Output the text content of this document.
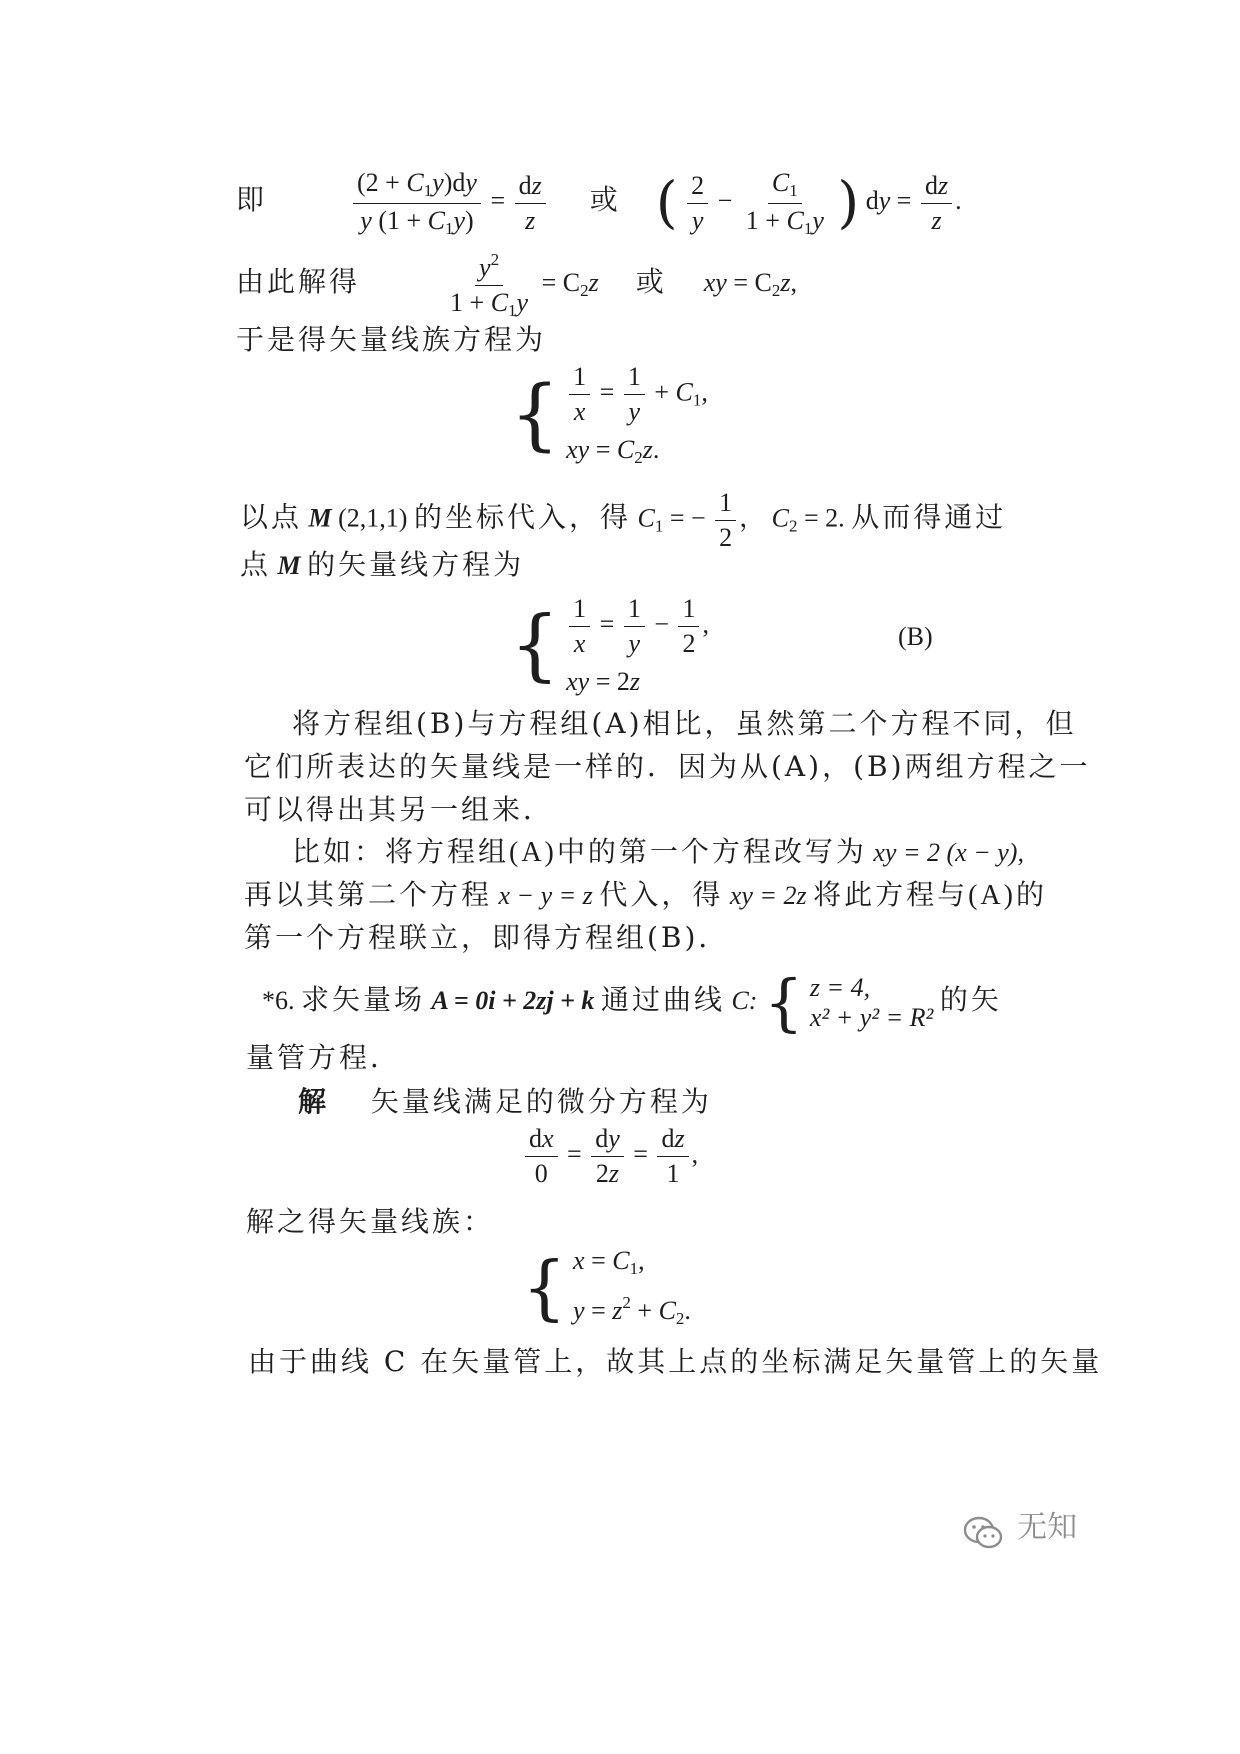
即	$\frac{(2 + C_1y)dy}{y (1 + C_1y)} = \frac{dz}{z}$ 或 ( $\frac{2}{y} - \frac{C_1}{1 + C_1y}$ ) dy = $\frac{dz}{z}$ .
由此解得	$\frac{y^2}{1 + C_1y} = C_2z$ 或 xy = $C_2z$,
于是得矢量线族方程为
{ $\frac{1}{x} = \frac{1}{y} + C_1$,
xy = $C_2z$.
以点 M (2,1,1) 的坐标代入，得 $C_1$ = − $\frac{1}{2}$ ， $C_2 = 2$. 从而得通过
点 M 的矢量线方程为
{ $\frac{1}{x} = \frac{1}{y} - \frac{1}{2}$ ,
xy = 2z
(B)
将方程组(B)与方程组(A)相比，虽然第二个方程不同，但
它们所表达的矢量线是一样的．因为从(A)，(B)两组方程之一
可以得出其另一组来．
比如：将方程组(A)中的第一个方程改写为 xy = 2 (x − y),
再以其第二个方程 x − y = z 代入，得 xy = 2z 将此方程与(A)的
第一个方程联立，即得方程组(B)．
*6. 求矢量场 A = 0i + 2zj + k 通过曲线 C: { z = 4,
x² + y² = R²
的矢
量管方程．
解 矢量线满足的微分方程为
$\frac{dx}{0} = \frac{dy}{2z} = \frac{dz}{1}$ ,
解之得矢量线族：
{ $x = C_1$,
$y = z^2 + C_2$.
由于曲线 C 在矢量管上，故其上点的坐标满足矢量管上的矢量
无知
